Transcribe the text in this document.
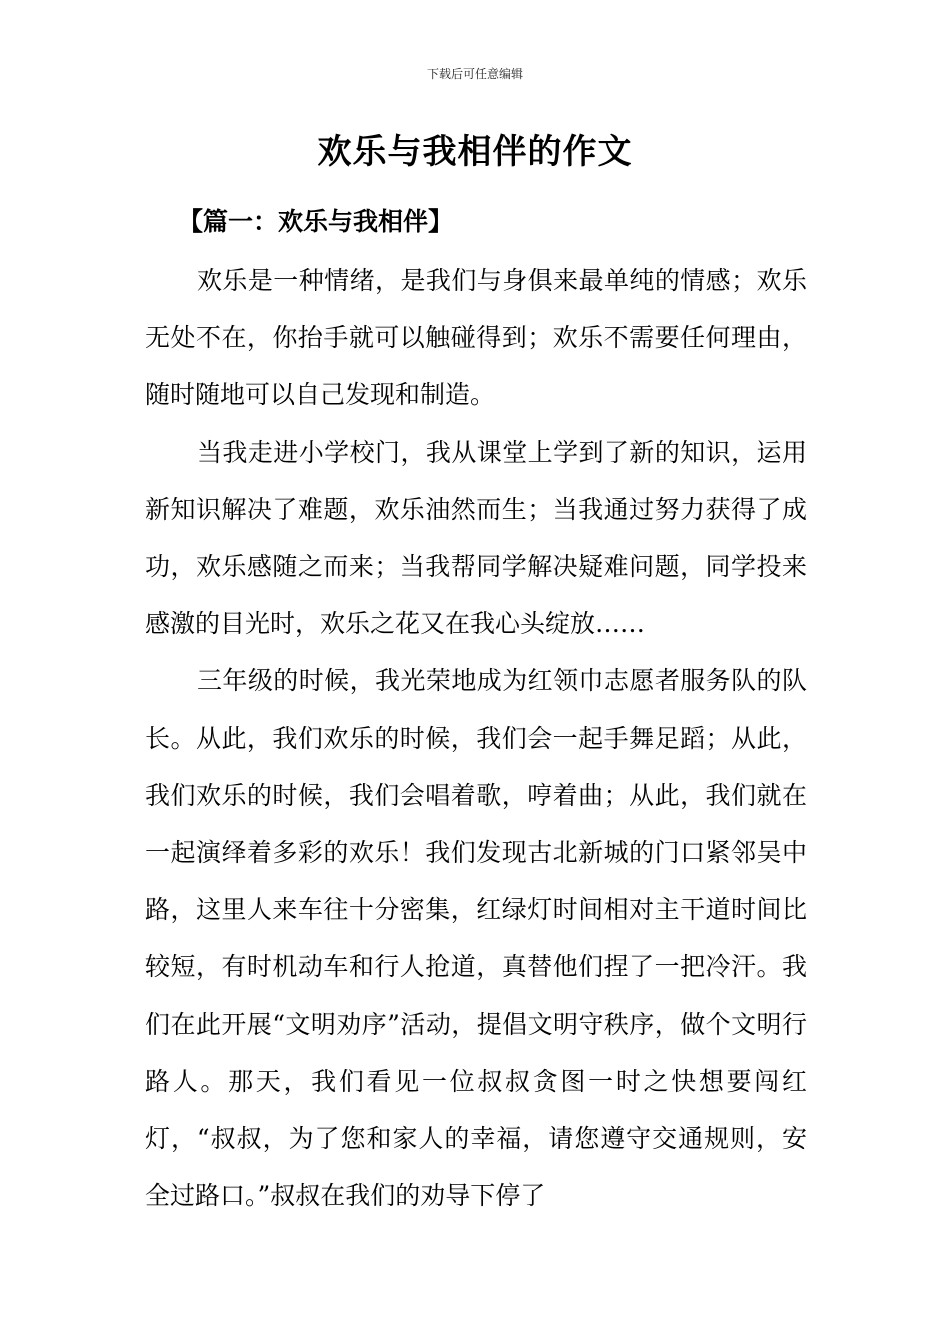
下载后可任意编辑
欢乐与我相伴的作文
【篇一：欢乐与我相伴】

欢乐是一种情绪，是我们与身俱来最单纯的情感；欢乐无处不在，你抬手就可以触碰得到；欢乐不需要任何理由，随时随地可以自己发现和制造。

当我走进小学校门，我从课堂上学到了新的知识，运用新知识解决了难题，欢乐油然而生；当我通过努力获得了成功，欢乐感随之而来；当我帮同学解决疑难问题，同学投来感激的目光时，欢乐之花又在我心头绽放……

三年级的时候，我光荣地成为红领巾志愿者服务队的队长。从此，我们欢乐的时候，我们会一起手舞足蹈；从此，我们欢乐的时候，我们会唱着歌，哼着曲；从此，我们就在一起演绎着多彩的欢乐！我们发现古北新城的门口紧邻吴中路，这里人来车往十分密集，红绿灯时间相对主干道时间比较短，有时机动车和行人抢道，真替他们捏了一把冷汗。我们在此开展“文明劝序”活动，提倡文明守秩序，做个文明行路人。那天，我们看见一位叔叔贪图一时之快想要闯红灯，“叔叔，为了您和家人的幸福，请您遵守交通规则，安全过路口。”叔叔在我们的劝导下停了
